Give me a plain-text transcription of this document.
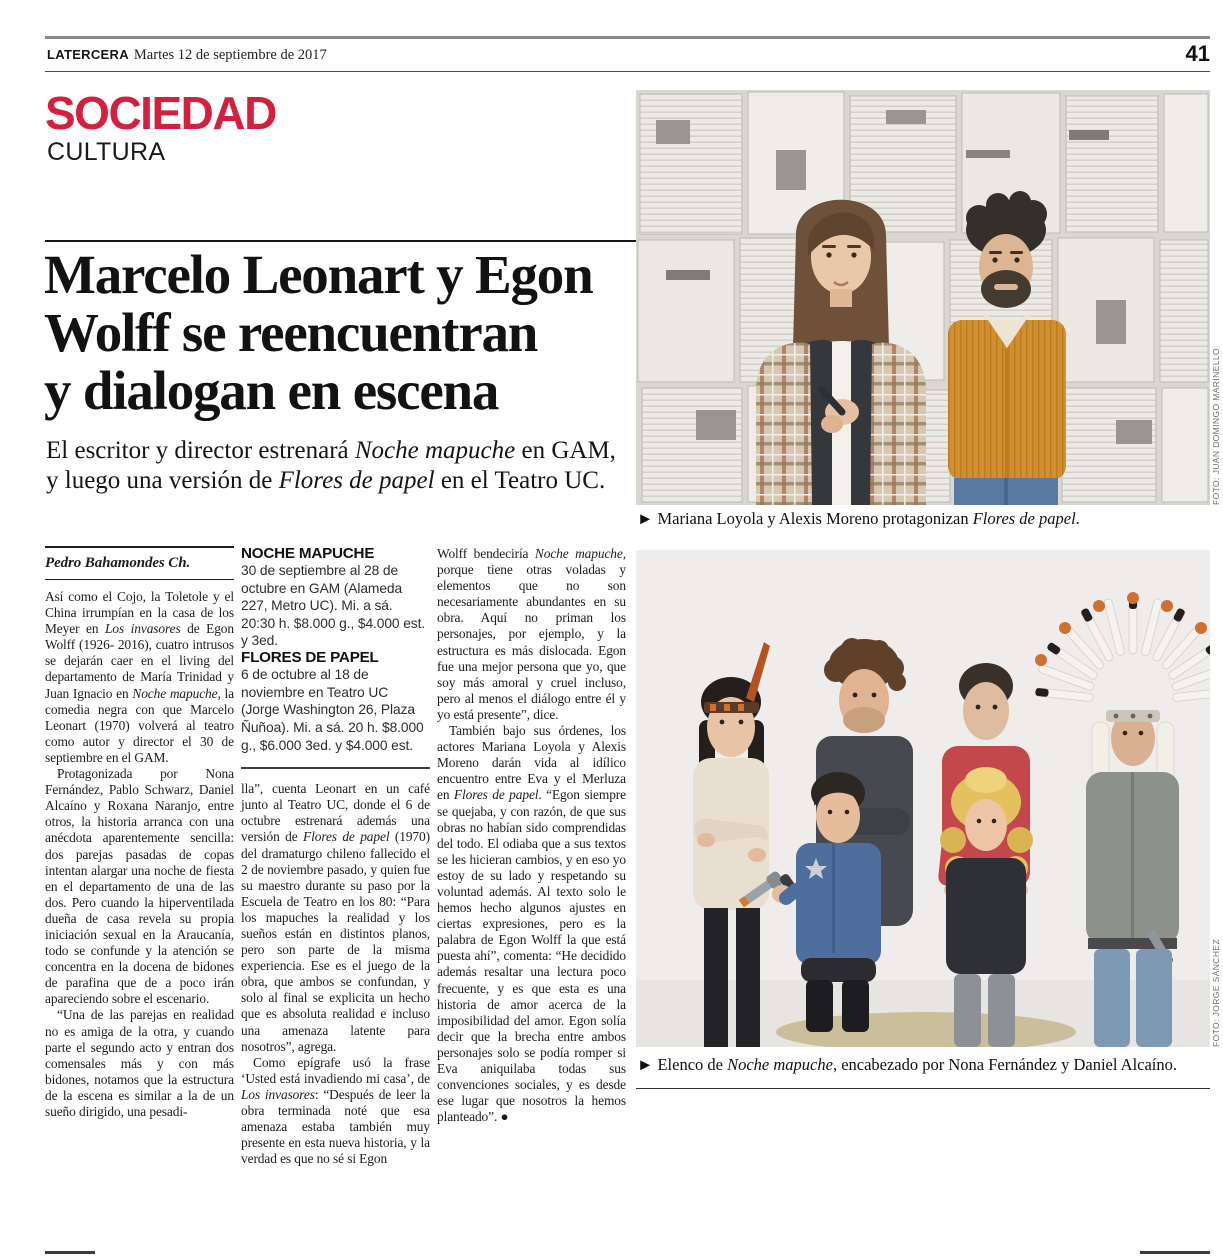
LATERCERA Martes 12 de septiembre de 2017	41
SOCIEDAD
CULTURA
Marcelo Leonart y Egon
Wolff se reencuentran
y dialogan en escena
El escritor y director estrenará Noche mapuche en GAM,
y luego una versión de Flores de papel en el Teatro UC.
Pedro Bahamondes Ch.

Así como el Cojo, la Toletole y el China irrumpían en la casa de los Meyer en Los invasores de Egon Wolff (1926- 2016), cuatro intrusos se dejarán caer en el living del departamento de María Trinidad y Juan Ignacio en Noche mapuche, la comedia negra con que Marcelo Leonart (1970) volverá al teatro como autor y director el 30 de septiembre en el GAM.

Protagonizada por Nona Fernández, Pablo Schwarz, Daniel Alcaíno y Roxana Naranjo, entre otros, la historia arranca con una anécdota aparentemente sencilla: dos parejas pasadas de copas intentan alargar una noche de fiesta en el departamento de una de las dos. Pero cuando la hiperventilada dueña de casa revela su propia iniciación sexual en la Araucanía, todo se confunde y la atención se concentra en la docena de bidones de parafina que de a poco irán apareciendo sobre el escenario.

“Una de las parejas en realidad no es amiga de la otra, y cuando parte el segundo acto y entran dos comensales más y con más bidones, notamos que la estructura de la escena es similar a la de un sueño dirigido, una pesadi-

NOCHE MAPUCHE

30 de septiembre al 28 de octubre en GAM (Alameda 227, Metro UC). Mi. a sá. 20:30 h. $8.000 g., $4.000 est. y 3ed.

FLORES DE PAPEL

6 de octubre al 18 de noviembre en Teatro UC (Jorge Washington 26, Plaza Ñuñoa). Mi. a sá. 20 h. $8.000 g., $6.000 3ed. y $4.000 est.

lla”, cuenta Leonart en un café junto al Teatro UC, donde el 6 de octubre estrenará además una versión de Flores de papel (1970) del dramaturgo chileno fallecido el 2 de noviembre pasado, y quien fue su maestro durante su paso por la Escuela de Teatro en los 80: “Para los mapuches la realidad y los sueños están en distintos planos, pero son parte de la misma experiencia. Ese es el juego de la obra, que ambos se confundan, y solo al final se explicita un hecho que es absoluta realidad e incluso una amenaza latente para nosotros”, agrega.

Como epígrafe usó la frase ‘Usted está invadiendo mi casa’, de Los invasores: “Después de leer la obra terminada noté que esa amenaza estaba también muy presente en esta nueva historia, y la verdad es que no sé si Egon

Wolff bendeciría Noche mapuche, porque tiene otras voladas y elementos que no son necesariamente abundantes en su obra. Aquí no priman los personajes, por ejemplo, y la estructura es más dislocada. Egon fue una mejor persona que yo, que soy más amoral y cruel incluso, pero al menos el diálogo entre él y yo está presente”, dice.

También bajo sus órdenes, los actores Mariana Loyola y Alexis Moreno darán vida al idílico encuentro entre Eva y el Merluza en Flores de papel. “Egon siempre se quejaba, y con razón, de que sus obras no habían sido comprendidas del todo. El odiaba que a sus textos se les hicieran cambios, y en eso yo estoy de su lado y respetando su voluntad además. Al texto solo le hemos hecho algunos ajustes en ciertas expresiones, pero es la palabra de Egon Wolff la que está puesta ahí”, comenta: “He decidido además resaltar una lectura poco frecuente, y es que esta es una historia de amor acerca de la imposibilidad del amor. Egon solía decir que la brecha entre ambos personajes solo se podía romper si Eva aniquilaba todas sus convenciones sociales, y es desde ese lugar que nosotros la hemos planteado”. ●

► Mariana Loyola y Alexis Moreno protagonizan Flores de papel.
FOTO: JUAN DOMINGO MARINELLO
► Elenco de Noche mapuche, encabezado por Nona Fernández y Daniel Alcaíno.
FOTO: JORGE SÁNCHEZ
